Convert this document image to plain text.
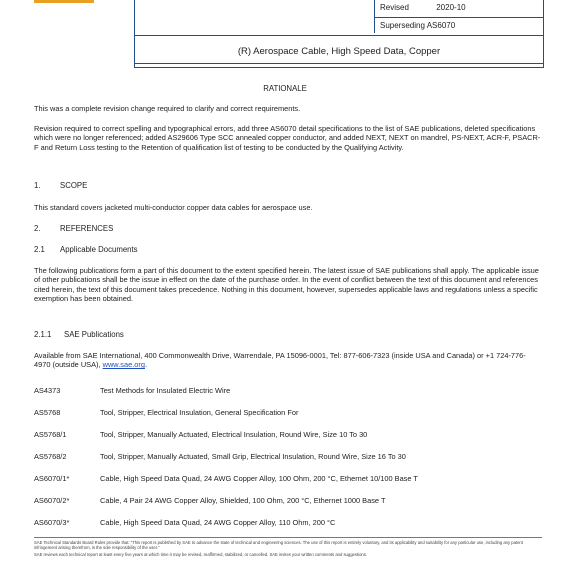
Revised	2020-10
Superseding AS6070
(R) Aerospace Cable, High Speed Data, Copper
RATIONALE
This was a complete revision change required to clarify and correct requirements.
Revision required to correct spelling and typographical errors, add three AS6070 detail specifications to the list of SAE publications, deleted specifications which were no longer referenced; added AS29606 Type SCC annealed copper conductor, and added NEXT, NEXT on mandrel, PS-NEXT, ACR-F, PSACR-F and Return Loss testing to the Retention of qualification list of testing to be conducted by the Qualifying Activity.
1. SCOPE
This standard covers jacketed multi-conductor copper data cables for aerospace use.
2. REFERENCES
2.1 Applicable Documents
The following publications form a part of this document to the extent specified herein. The latest issue of SAE publications shall apply. The applicable issue of other publications shall be the issue in effect on the date of the purchase order. In the event of conflict between the text of this document and references cited herein, the text of this document takes precedence. Nothing in this document, however, supersedes applicable laws and regulations unless a specific exemption has been obtained.
2.1.1 SAE Publications
Available from SAE International, 400 Commonwealth Drive, Warrendale, PA 15096-0001, Tel: 877-606-7323 (inside USA and Canada) or +1 724-776-4970 (outside USA), www.sae.org.
AS4373	Test Methods for Insulated Electric Wire
AS5768	Tool, Stripper, Electrical Insulation, General Specification For
AS5768/1	Tool, Stripper, Manually Actuated, Electrical Insulation, Round Wire, Size 10 To 30
AS5768/2	Tool, Stripper, Manually Actuated, Small Grip, Electrical Insulation, Round Wire, Size 16 To 30
AS6070/1*	Cable, High Speed Data Quad, 24 AWG Copper Alloy, 100 Ohm, 200 °C, Ethernet 10/100 Base T
AS6070/2*	Cable, 4 Pair 24 AWG Copper Alloy, Shielded, 100 Ohm, 200 °C, Ethernet 1000 Base T
AS6070/3*	Cable, High Speed Data Quad, 24 AWG Copper Alloy, 110 Ohm, 200 °C
SAE Technical Standards Board Rules provide that: "This report is published by SAE to advance the state of technical and engineering sciences. The use of this report is entirely voluntary, and its applicability and suitability for any particular use, including any patent infringement arising therefrom, is the sole responsibility of the user."
SAE reviews each technical report at least every five years at which time it may be revised, reaffirmed, stabilized, or cancelled. SAE invites your written comments and suggestions.
